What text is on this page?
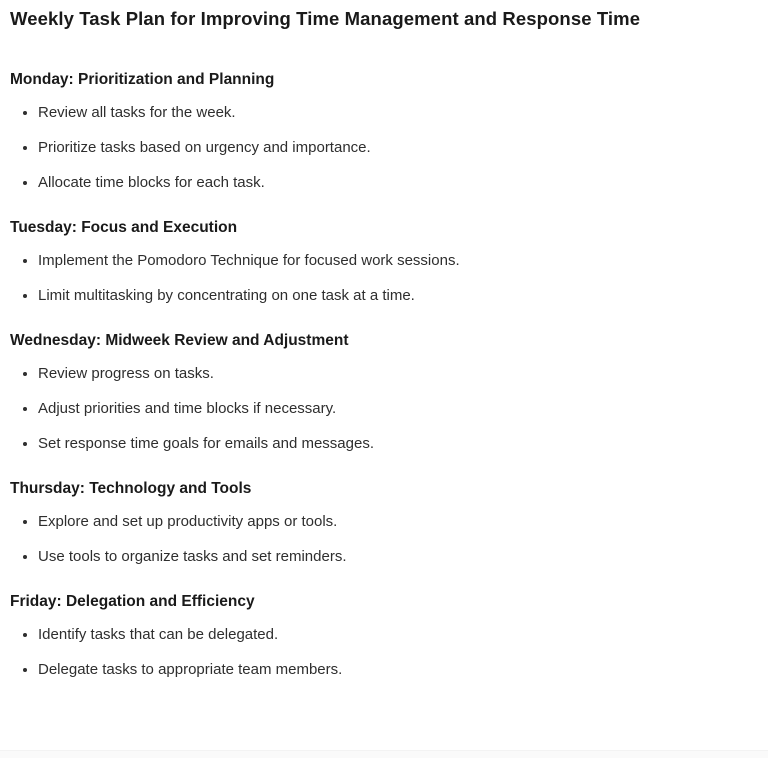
Weekly Task Plan for Improving Time Management and Response Time
Monday: Prioritization and Planning
• Review all tasks for the week.
• Prioritize tasks based on urgency and importance.
• Allocate time blocks for each task.
Tuesday: Focus and Execution
• Implement the Pomodoro Technique for focused work sessions.
• Limit multitasking by concentrating on one task at a time.
Wednesday: Midweek Review and Adjustment
• Review progress on tasks.
• Adjust priorities and time blocks if necessary.
• Set response time goals for emails and messages.
Thursday: Technology and Tools
• Explore and set up productivity apps or tools.
• Use tools to organize tasks and set reminders.
Friday: Delegation and Efficiency
• Identify tasks that can be delegated.
• Delegate tasks to appropriate team members.
